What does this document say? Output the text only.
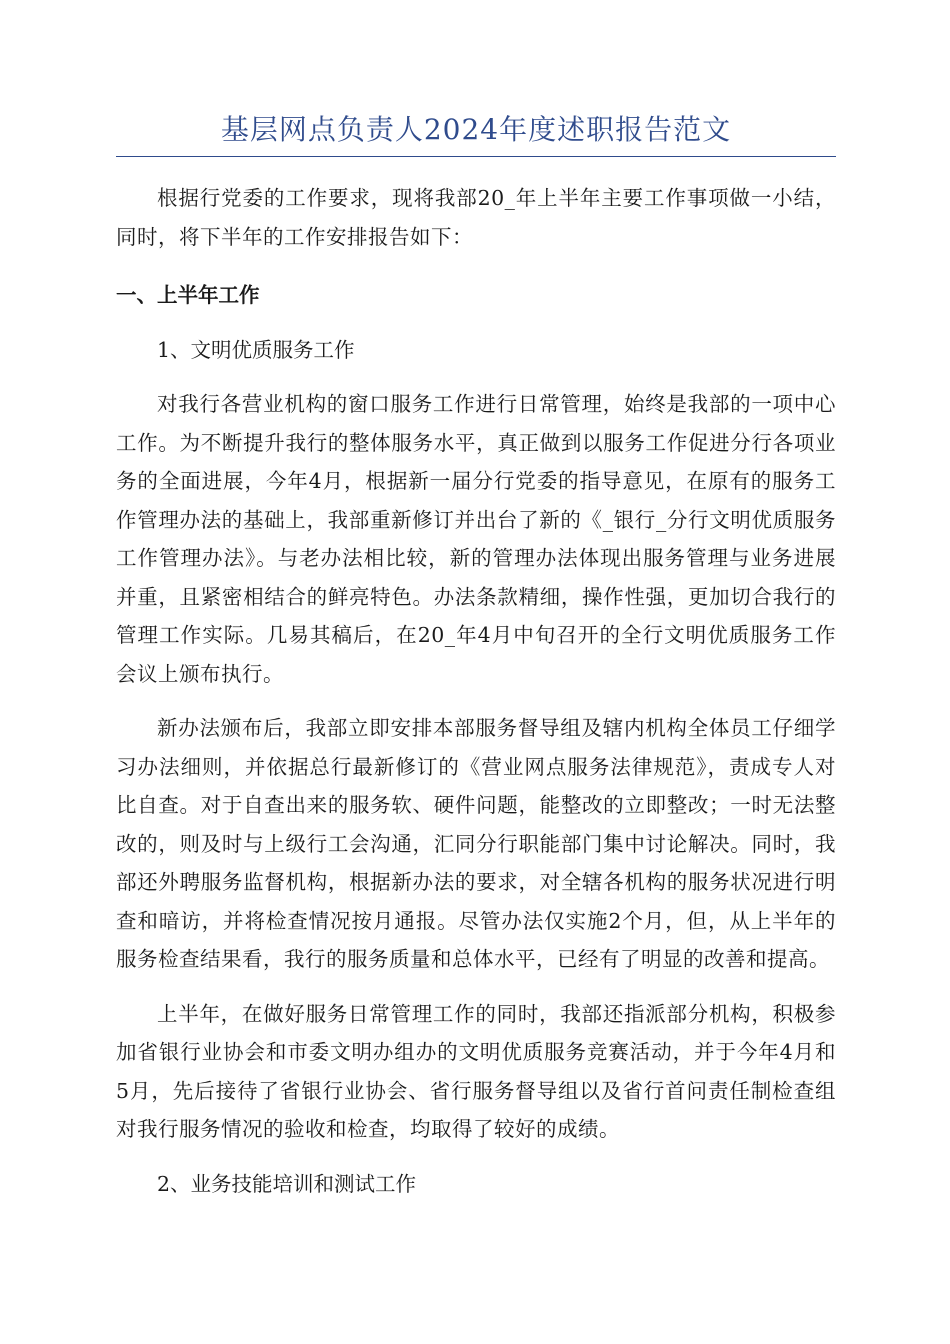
基层网点负责人2024年度述职报告范文

根据行党委的工作要求，现将我部20_年上半年主要工作事项做一小结，同时，将下半年的工作安排报告如下：

一、上半年工作

1、文明优质服务工作

对我行各营业机构的窗口服务工作进行日常管理，始终是我部的一项中心工作。为不断提升我行的整体服务水平，真正做到以服务工作促进分行各项业务的全面进展，今年4月，根据新一届分行党委的指导意见，在原有的服务工作管理办法的基础上，我部重新修订并出台了新的《_银行_分行文明优质服务工作管理办法》。与老办法相比较，新的管理办法体现出服务管理与业务进展并重，且紧密相结合的鲜亮特色。办法条款精细，操作性强，更加切合我行的管理工作实际。几易其稿后，在20_年4月中旬召开的全行文明优质服务工作会议上颁布执行。

新办法颁布后，我部立即安排本部服务督导组及辖内机构全体员工仔细学习办法细则，并依据总行最新修订的《营业网点服务法律规范》，责成专人对比自查。对于自查出来的服务软、硬件问题，能整改的立即整改；一时无法整改的，则及时与上级行工会沟通，汇同分行职能部门集中讨论解决。同时，我部还外聘服务监督机构，根据新办法的要求，对全辖各机构的服务状况进行明查和暗访，并将检查情况按月通报。尽管办法仅实施2个月，但，从上半年的服务检查结果看，我行的服务质量和总体水平，已经有了明显的改善和提高。

上半年，在做好服务日常管理工作的同时，我部还指派部分机构，积极参加省银行业协会和市委文明办组办的文明优质服务竞赛活动，并于今年4月和5月，先后接待了省银行业协会、省行服务督导组以及省行首问责任制检查组对我行服务情况的验收和检查，均取得了较好的成绩。

2、业务技能培训和测试工作
